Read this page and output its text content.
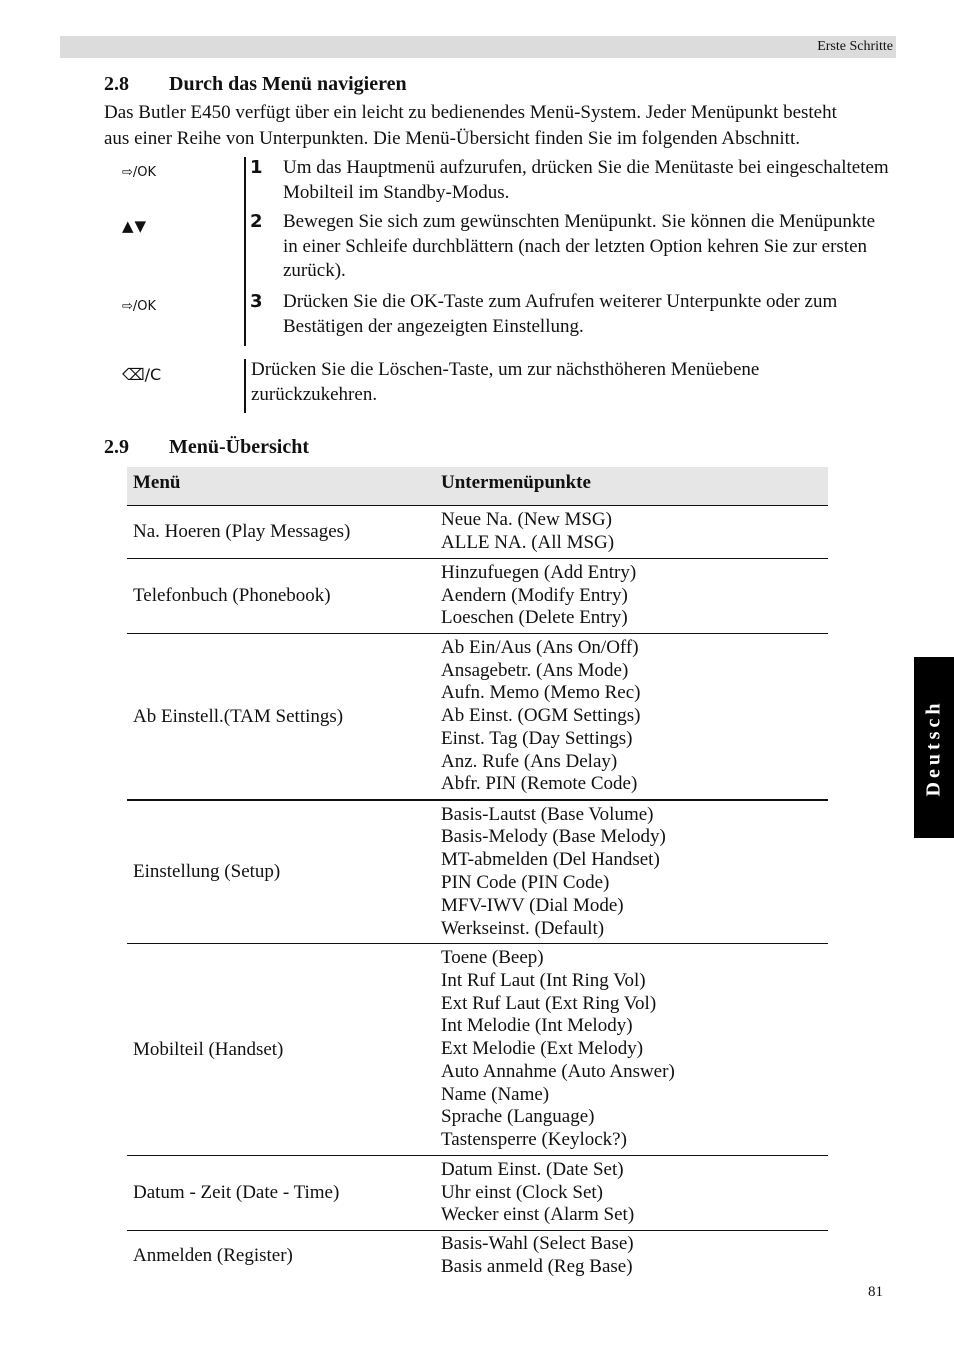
Erste Schritte
2.8 Durch das Menü navigieren
Das Butler E450 verfügt über ein leicht zu bedienendes Menü-System. Jeder Menüpunkt besteht
aus einer Reihe von Unterpunkten. Die Menü-Übersicht finden Sie im folgenden Abschnitt.
⇨/OK
▲▼
⇨/OK
⌫/C
1 Um das Hauptmenü aufzurufen, drücken Sie die Menütaste bei eingeschaltetem Mobilteil im Standby-Modus.
2 Bewegen Sie sich zum gewünschten Menüpunkt. Sie können die Menüpunkte in einer Schleife durchblättern (nach der letzten Option kehren Sie zur ersten zurück).
3 Drücken Sie die OK-Taste zum Aufrufen weiterer Unterpunkte oder zum Bestätigen der angezeigten Einstellung.
Drücken Sie die Löschen-Taste, um zur nächsthöheren Menüebene zurückzukehren.
2.9 Menü-Übersicht
Menü	Untermenüpunkte
Na. Hoeren (Play Messages)
Neue Na. (New MSG)
ALLE NA. (All MSG)
Telefonbuch (Phonebook)
Hinzufuegen (Add Entry)
Aendern (Modify Entry)
Loeschen (Delete Entry)
Ab Einstell.(TAM Settings)
Ab Ein/Aus (Ans On/Off)
Ansagebetr. (Ans Mode)
Aufn. Memo (Memo Rec)
Ab Einst. (OGM Settings)
Einst. Tag (Day Settings)
Anz. Rufe (Ans Delay)
Abfr. PIN (Remote Code)
Einstellung (Setup)
Basis-Lautst (Base Volume)
Basis-Melody (Base Melody)
MT-abmelden (Del Handset)
PIN Code (PIN Code)
MFV-IWV (Dial Mode)
Werkseinst. (Default)
Mobilteil (Handset)
Toene (Beep)
Int Ruf Laut (Int Ring Vol)
Ext Ruf Laut (Ext Ring Vol)
Int Melodie (Int Melody)
Ext Melodie (Ext Melody)
Auto Annahme (Auto Answer)
Name (Name)
Sprache (Language)
Tastensperre (Keylock?)
Datum - Zeit (Date - Time)
Datum Einst. (Date Set)
Uhr einst (Clock Set)
Wecker einst (Alarm Set)
Anmelden (Register)
Basis-Wahl (Select Base)
Basis anmeld (Reg Base)
Deutsch
81
